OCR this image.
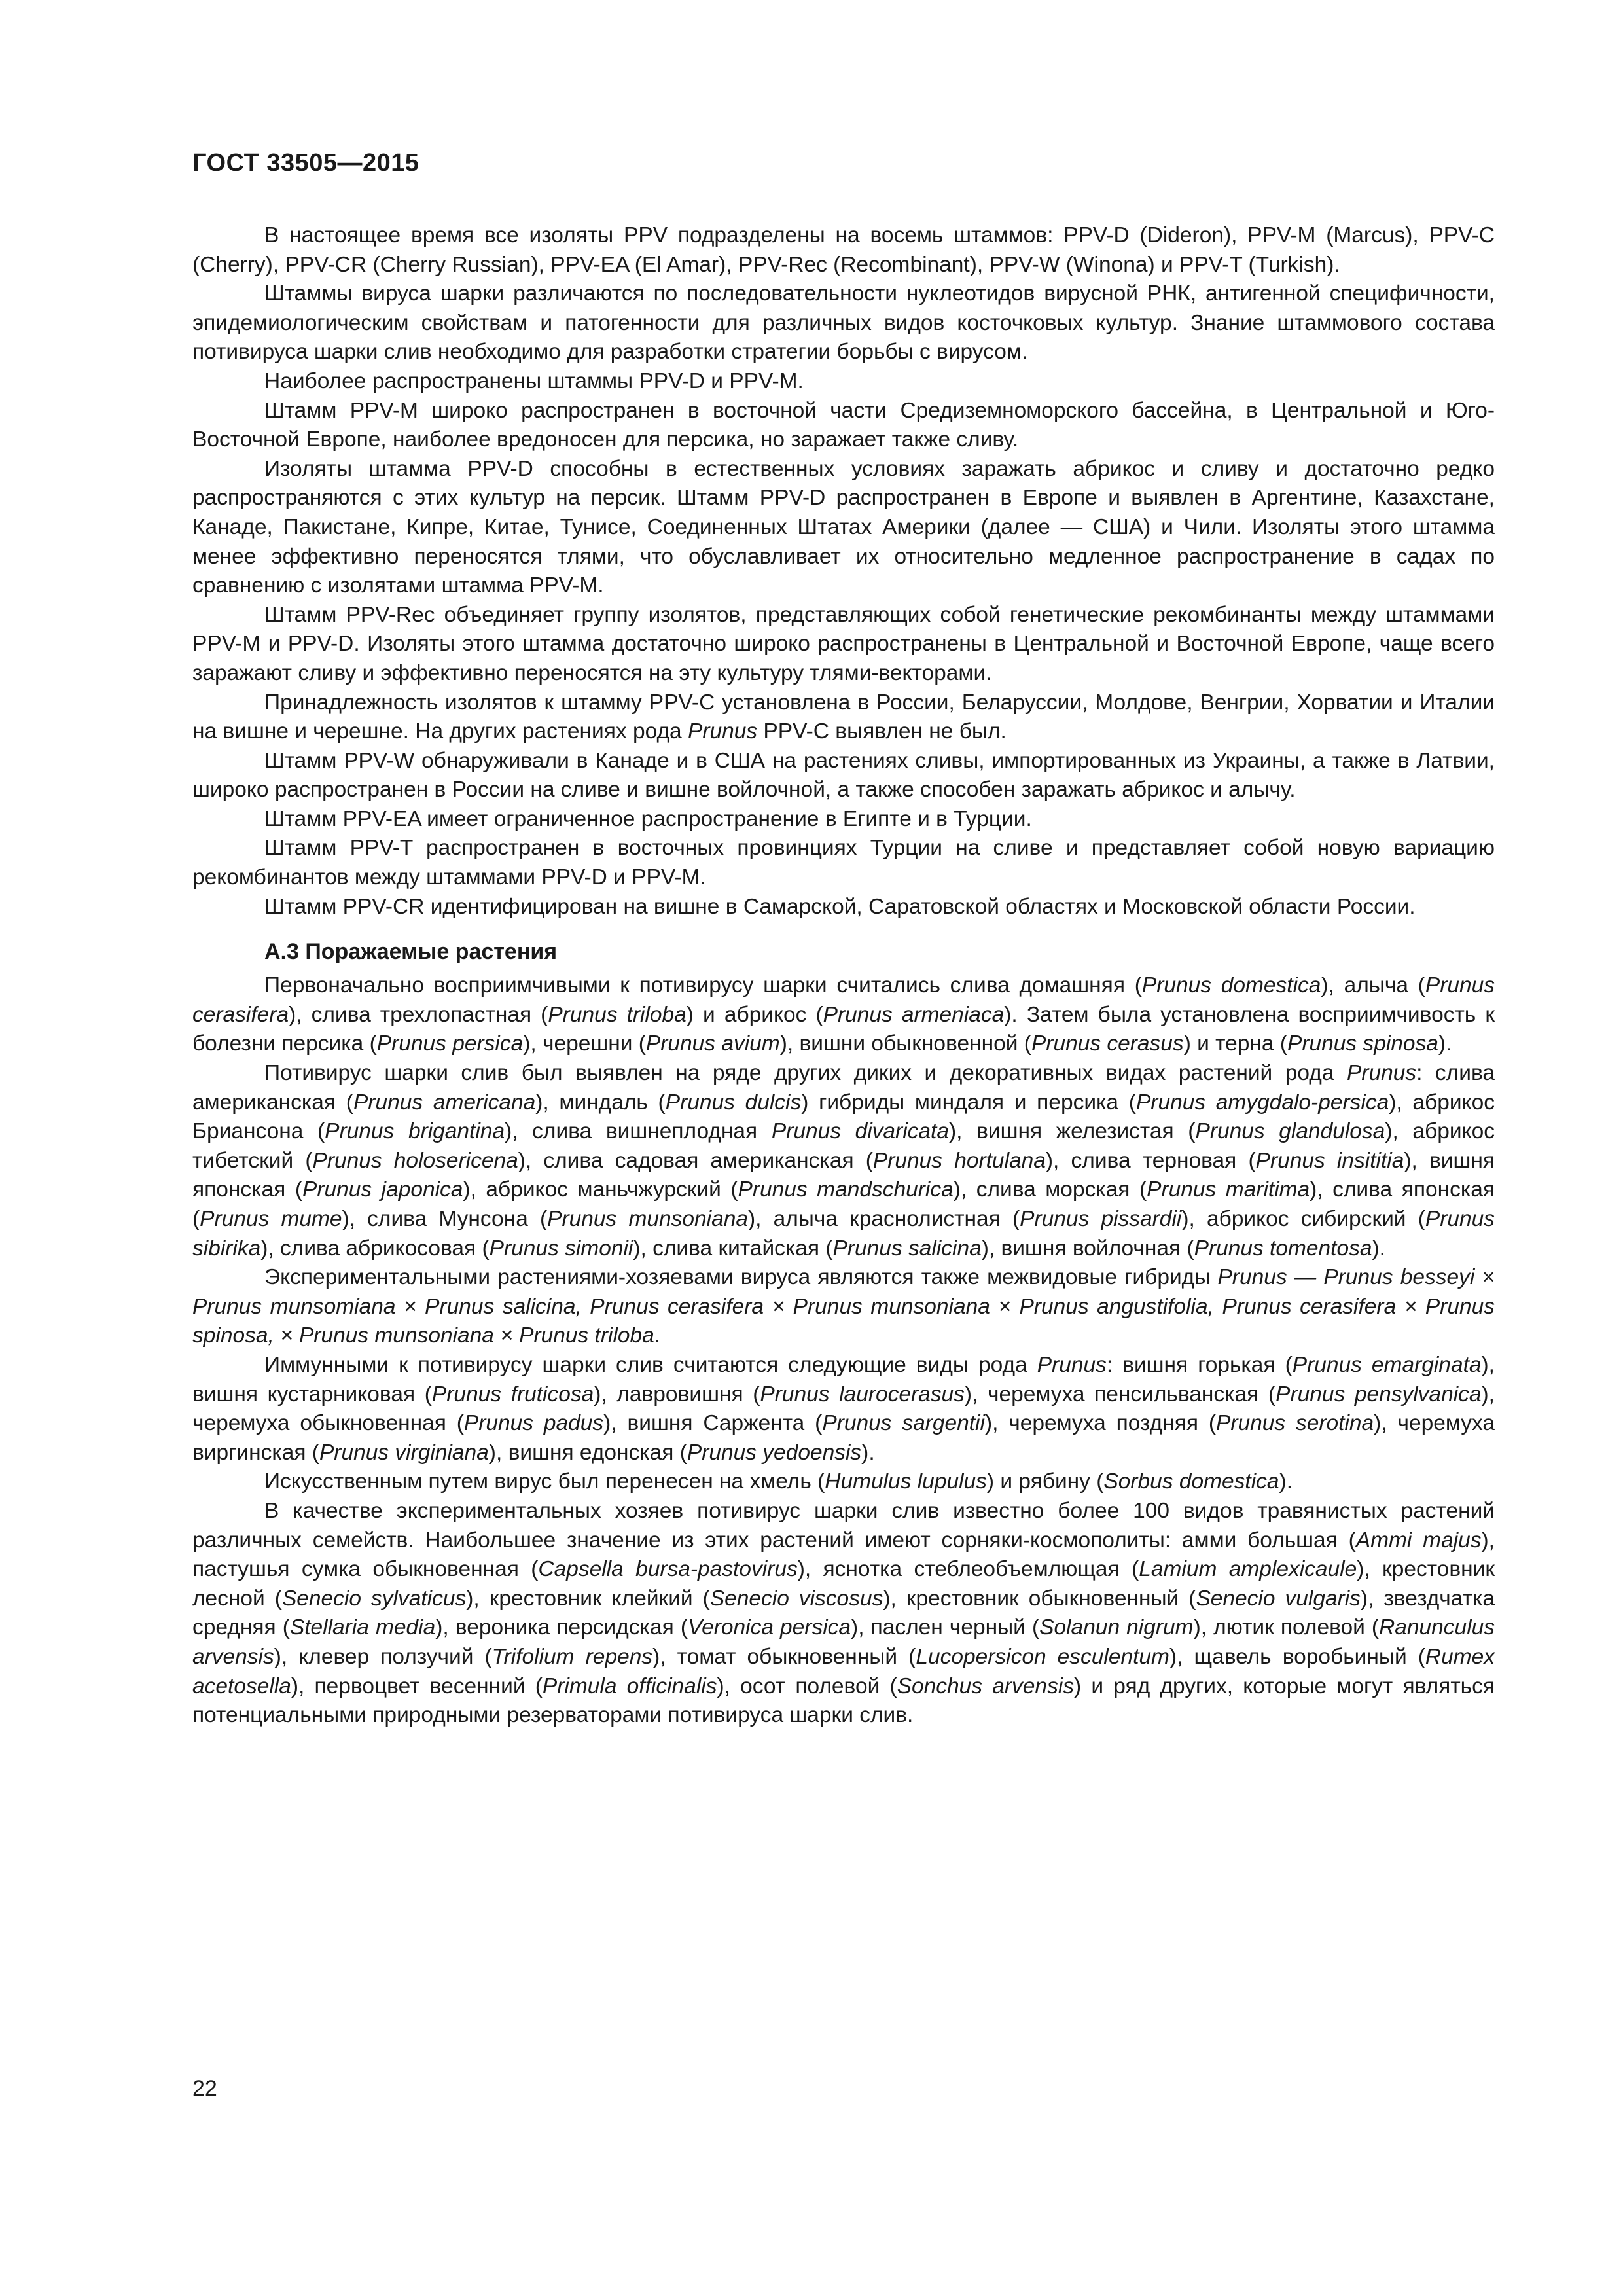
ГОСТ 33505—2015

В настоящее время все изоляты PPV подразделены на восемь штаммов: PPV-D (Dideron), PPV-M (Marcus), PPV-C (Cherry), PPV-CR (Cherry Russian), PPV-EA (El Amar), PPV-Rec (Recombinant), PPV-W (Winona) и PPV-T (Turkish).

Штаммы вируса шарки различаются по последовательности нуклеотидов вирусной РНК, антигенной специфичности, эпидемиологическим свойствам и патогенности для различных видов косточковых культур. Знание штаммового состава потивируса шарки слив необходимо для разработки стратегии борьбы с вирусом.

Наиболее распространены штаммы PPV-D и PPV-M.

Штамм PPV-M широко распространен в восточной части Средиземноморского бассейна, в Центральной и Юго-Восточной Европе, наиболее вредоносен для персика, но заражает также сливу.

Изоляты штамма PPV-D способны в естественных условиях заражать абрикос и сливу и достаточно редко распространяются с этих культур на персик. Штамм PPV-D распространен в Европе и выявлен в Аргентине, Казахстане, Канаде, Пакистане, Кипре, Китае, Тунисе, Соединенных Штатах Америки (далее — США) и Чили. Изоляты этого штамма менее эффективно переносятся тлями, что обуславливает их относительно медленное распространение в садах по сравнению с изолятами штамма PPV-M.

Штамм PPV-Rec объединяет группу изолятов, представляющих собой генетические рекомбинанты между штаммами PPV-M и PPV-D. Изоляты этого штамма достаточно широко распространены в Центральной и Восточной Европе, чаще всего заражают сливу и эффективно переносятся на эту культуру тлями-векторами.

Принадлежность изолятов к штамму PPV-C установлена в России, Беларуссии, Молдове, Венгрии, Хорватии и Италии на вишне и черешне. На других растениях рода Prunus PPV-C выявлен не был.

Штамм PPV-W обнаруживали в Канаде и в США на растениях сливы, импортированных из Украины, а также в Латвии, широко распространен в России на сливе и вишне войлочной, а также способен заражать абрикос и алычу.

Штамм PPV-EA имеет ограниченное распространение в Египте и в Турции.

Штамм PPV-T распространен в восточных провинциях Турции на сливе и представляет собой новую вариацию рекомбинантов между штаммами PPV-D и PPV-M.

Штамм PPV-CR идентифицирован на вишне в Самарской, Саратовской областях и Московской области России.

А.3 Поражаемые растения

Первоначально восприимчивыми к потивирусу шарки считались слива домашняя (Prunus domestica), алыча (Prunus cerasifera), слива трехлопастная (Prunus triloba) и абрикос (Prunus armeniaca). Затем была установлена восприимчивость к болезни персика (Prunus persica), черешни (Prunus avium), вишни обыкновенной (Prunus cerasus) и терна (Prunus spinosa).

Потивирус шарки слив был выявлен на ряде других диких и декоративных видах растений рода Prunus: слива американская (Prunus americana), миндаль (Prunus dulcis) гибриды миндаля и персика (Prunus amygdalo-persica), абрикос Бриансона (Prunus brigantina), слива вишнеплодная Prunus divaricata), вишня железистая (Prunus glandulosa), абрикос тибетский (Prunus holosericena), слива садовая американская (Prunus hortulana), слива терновая (Prunus insititia), вишня японская (Prunus japonica), абрикос маньчжурский (Prunus mandschurica), слива морская (Prunus maritima), слива японская (Prunus mume), слива Мунсона (Prunus munsoniana), алыча краснолистная (Prunus pissardii), абрикос сибирский (Prunus sibirika), слива абрикосовая (Prunus simonii), слива китайская (Prunus salicina), вишня войлочная (Prunus tomentosa).

Экспериментальными растениями-хозяевами вируса являются также межвидовые гибриды Prunus — Prunus besseyi × Prunus munsomiana × Prunus salicina, Prunus cerasifera × Prunus munsoniana × Prunus angustifolia, Prunus cerasifera × Prunus spinosa, × Prunus munsoniana × Prunus triloba.

Иммунными к потивирусу шарки слив считаются следующие виды рода Prunus: вишня горькая (Prunus emarginata), вишня кустарниковая (Prunus fruticosa), лавровишня (Prunus laurocerasus), черемуха пенсильванская (Prunus pensylvanica), черемуха обыкновенная (Prunus padus), вишня Саржента (Prunus sargentii), черемуха поздняя (Prunus serotina), черемуха виргинская (Prunus virginiana), вишня едонская (Prunus yedoensis).

Искусственным путем вирус был перенесен на хмель (Humulus lupulus) и рябину (Sorbus domestica).

В качестве экспериментальных хозяев потивирус шарки слив известно более 100 видов травянистых растений различных семейств. Наибольшее значение из этих растений имеют сорняки-космополиты: амми большая (Ammi majus), пастушья сумка обыкновенная (Capsella bursa-pastovirus), яснотка стеблеобъемлющая (Lamium amplexicaule), крестовник лесной (Senecio sylvaticus), крестовник клейкий (Senecio viscosus), крестовник обыкновенный (Senecio vulgaris), звездчатка средняя (Stellaria media), вероника персидская (Veronica persica), паслен черный (Solanun nigrum), лютик полевой (Ranunculus arvensis), клевер ползучий (Trifolium repens), томат обыкновенный (Lucopersicon esculentum), щавель воробьиный (Rumex acetosella), первоцвет весенний (Primula officinalis), осот полевой (Sonchus arvensis) и ряд других, которые могут являться потенциальными природными резерваторами потивируса шарки слив.

22
